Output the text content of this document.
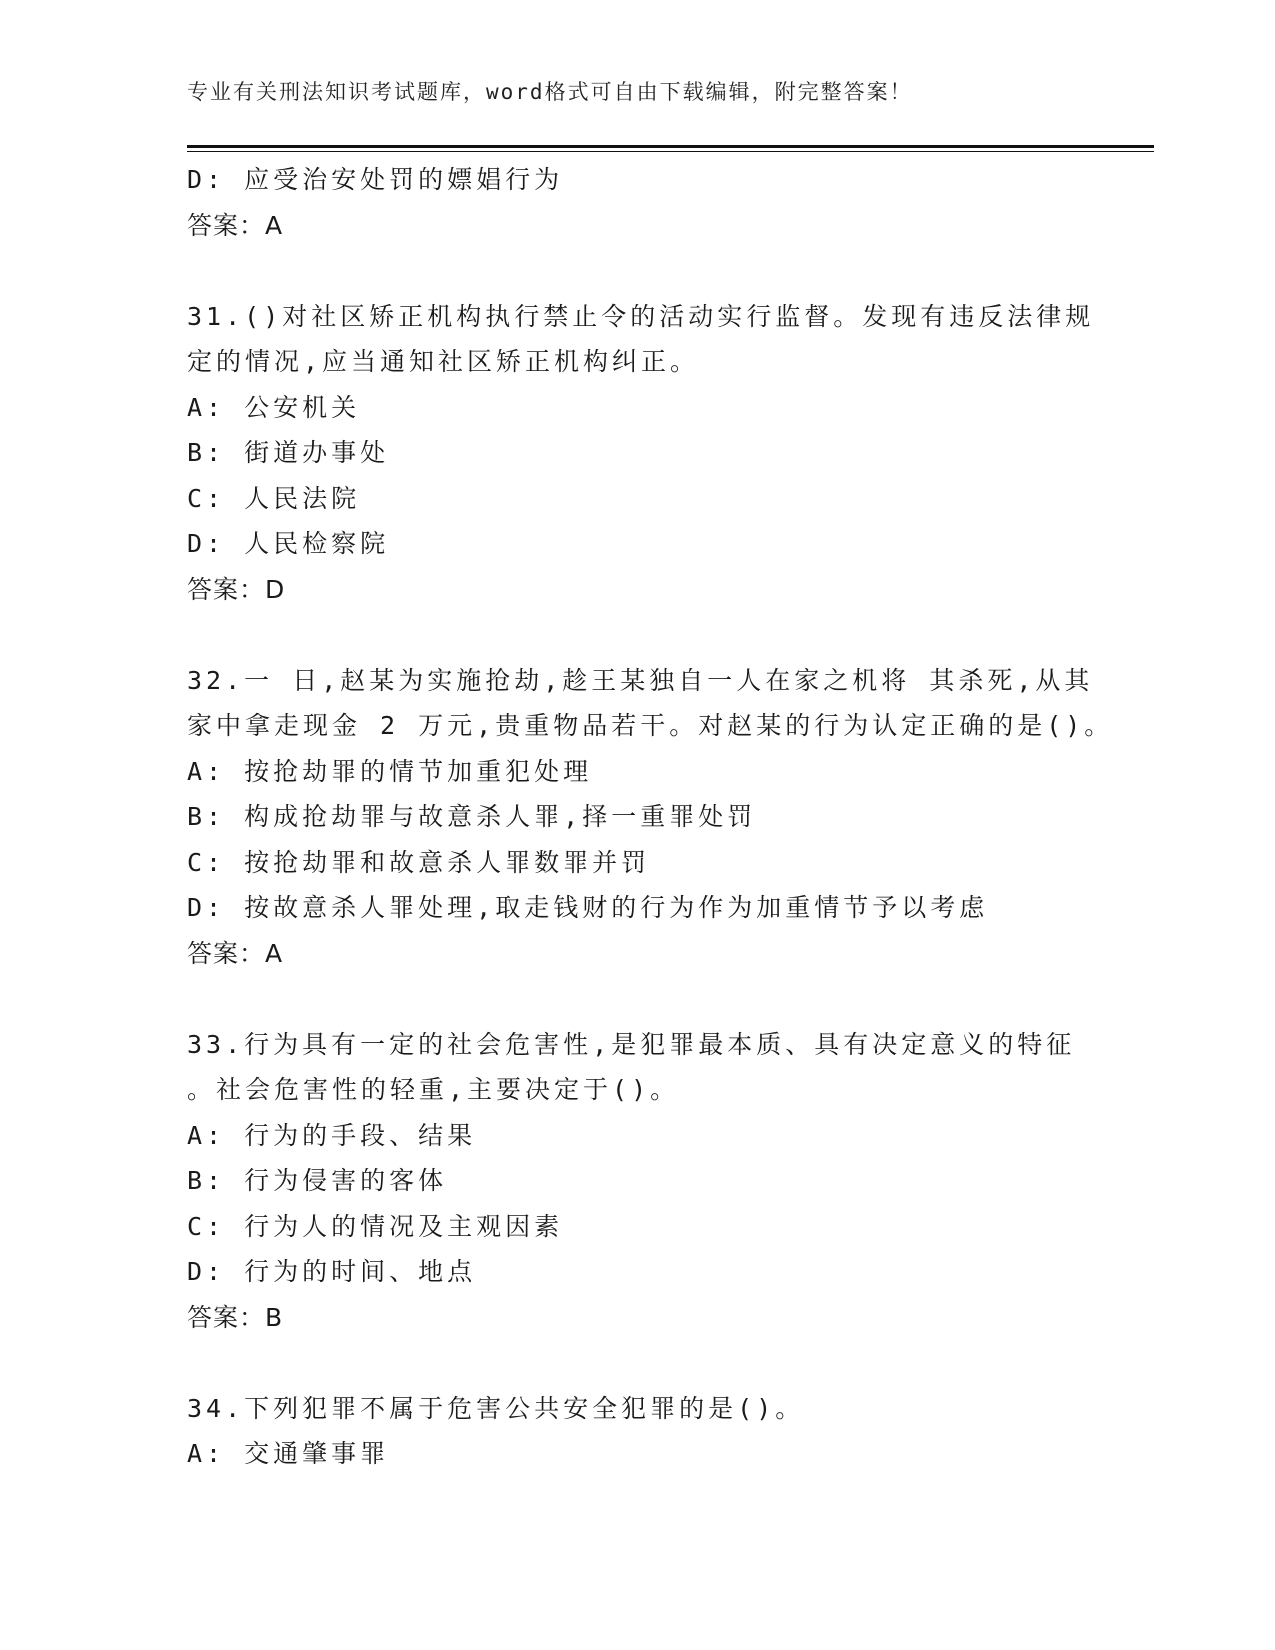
专业有关刑法知识考试题库，word格式可自由下载编辑，附完整答案！
D: 应受治安处罚的嫖娼行为
答案：A
31.()对社区矫正机构执行禁止令的活动实行监督。发现有违反法律规
定的情况,应当通知社区矫正机构纠正。
A: 公安机关
B: 街道办事处
C: 人民法院
D: 人民检察院
答案：D
32.一 日,赵某为实施抢劫,趁王某独自一人在家之机将 其杀死,从其
家中拿走现金 2 万元,贵重物品若干。对赵某的行为认定正确的是()。
A: 按抢劫罪的情节加重犯处理
B: 构成抢劫罪与故意杀人罪,择一重罪处罚
C: 按抢劫罪和故意杀人罪数罪并罚
D: 按故意杀人罪处理,取走钱财的行为作为加重情节予以考虑
答案：A
33.行为具有一定的社会危害性,是犯罪最本质、具有决定意义的特征
。社会危害性的轻重,主要决定于()。
A: 行为的手段、结果
B: 行为侵害的客体
C: 行为人的情况及主观因素
D: 行为的时间、地点
答案：B
34.下列犯罪不属于危害公共安全犯罪的是()。
A: 交通肇事罪
